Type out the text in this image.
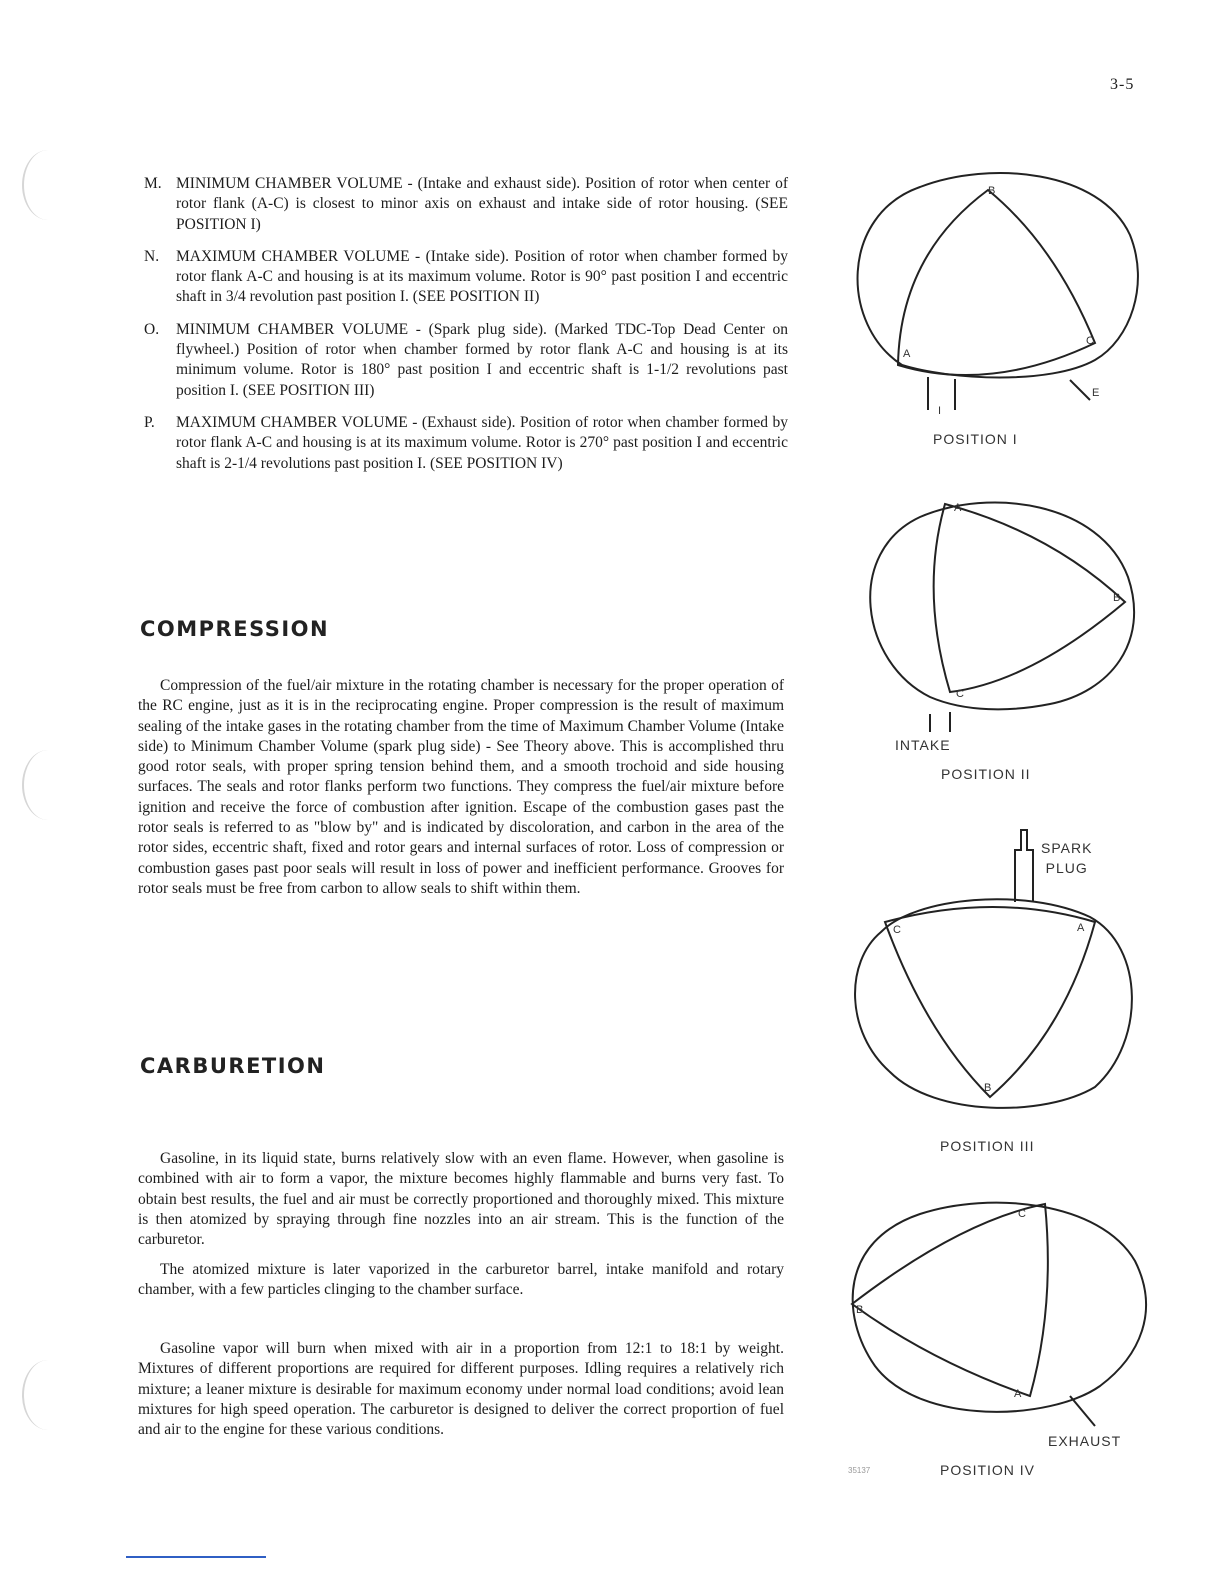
3-5
M. MINIMUM CHAMBER VOLUME - (Intake and exhaust side). Position of rotor when center of rotor flank (A-C) is closest to minor axis on exhaust and intake side of rotor housing. (SEE POSITION I)
N. MAXIMUM CHAMBER VOLUME - (Intake side). Position of rotor when chamber formed by rotor flank A-C and housing is at its maximum volume. Rotor is 90° past position I and eccentric shaft in 3/4 revolution past position I. (SEE POSITION II)
O. MINIMUM CHAMBER VOLUME - (Spark plug side). (Marked TDC-Top Dead Center on flywheel.) Position of rotor when chamber formed by rotor flank A-C and housing is at its minimum volume. Rotor is 180° past position I and eccentric shaft is 1-1/2 revolutions past position I. (SEE POSITION III)
P. MAXIMUM CHAMBER VOLUME - (Exhaust side). Position of rotor when chamber formed by rotor flank A-C and housing is at its maximum volume. Rotor is 270° past position I and eccentric shaft is 2-1/4 revolutions past position I. (SEE POSITION IV)
COMPRESSION

Compression of the fuel/air mixture in the rotating chamber is necessary for the proper operation of the RC engine, just as it is in the reciprocating engine. Proper compression is the result of maximum sealing of the intake gases in the rotating chamber from the time of Maximum Chamber Volume (Intake side) to Minimum Chamber Volume (spark plug side) - See Theory above. This is accomplished thru good rotor seals, with proper spring tension behind them, and a smooth trochoid and side housing surfaces. The seals and rotor flanks perform two functions. They compress the fuel/air mixture before ignition and receive the force of combustion after ignition. Escape of the combustion gases past the rotor seals is referred to as "blow by" and is indicated by discoloration, and carbon in the area of the rotor sides, eccentric shaft, fixed and rotor gears and internal surfaces of rotor. Loss of compression or combustion gases past poor seals will result in loss of power and inefficient performance. Grooves for rotor seals must be free from carbon to allow seals to shift within them.

CARBURETION

Gasoline, in its liquid state, burns relatively slow with an even flame. However, when gasoline is combined with air to form a vapor, the mixture becomes highly flammable and burns very fast. To obtain best results, the fuel and air must be correctly proportioned and thoroughly mixed. This mixture is then atomized by spraying through fine nozzles into an air stream. This is the function of the carburetor.

The atomized mixture is later vaporized in the carburetor barrel, intake manifold and rotary chamber, with a few particles clinging to the chamber surface.

Gasoline vapor will burn when mixed with air in a proportion from 12:1 to 18:1 by weight. Mixtures of different proportions are required for different purposes. Idling requires a relatively rich mixture; a leaner mixture is desirable for maximum economy under normal load conditions; avoid lean mixtures for high speed operation. The carburetor is designed to deliver the correct proportion of fuel and air to the engine for these various conditions.

B
A
C
E
I
POSITION I
A
B
C
INTAKE
POSITION II
C	A
B
SPARK
PLUG
POSITION III
C
B
A
EXHAUST
POSITION IV
35137
